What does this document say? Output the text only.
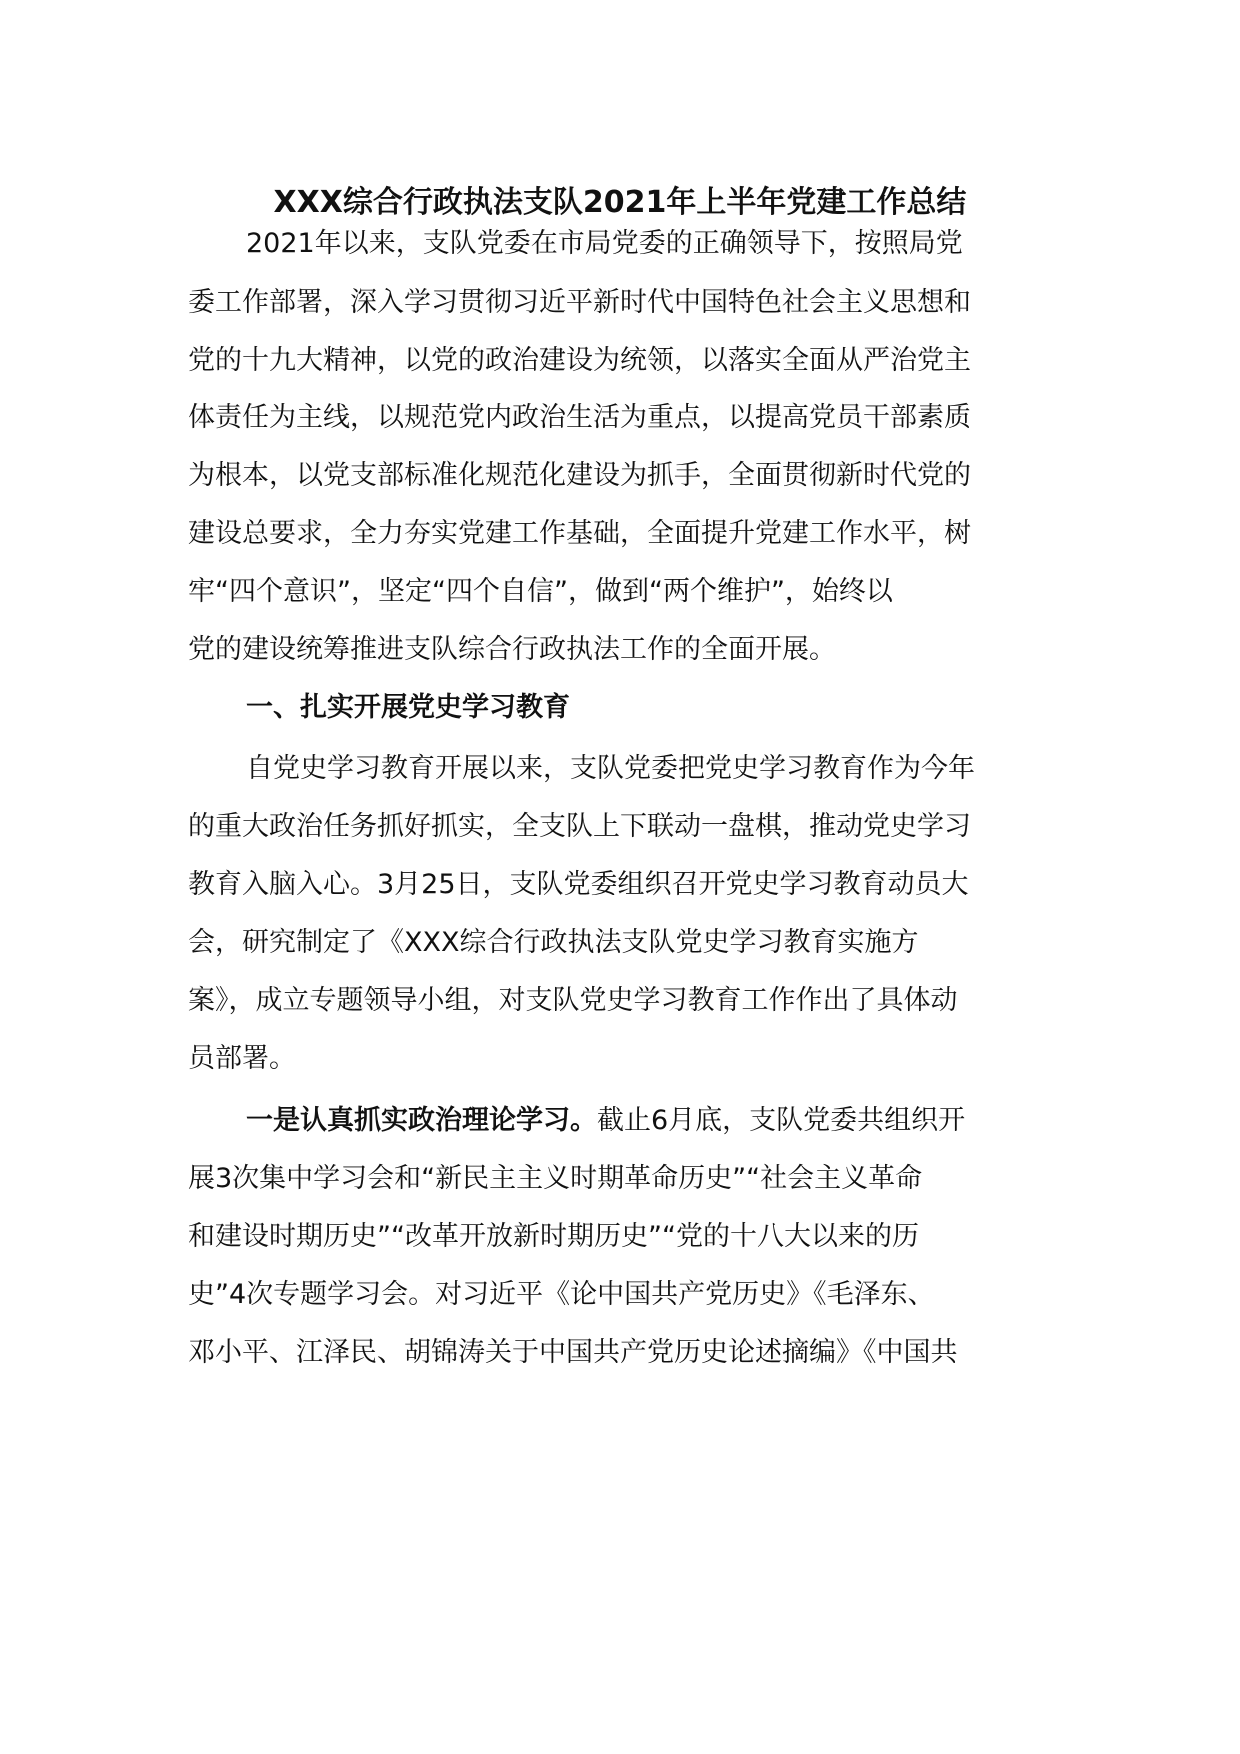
XXX综合行政执法支队2021年上半年党建工作总结

2021年以来，支队党委在市局党委的正确领导下，按照局党

委工作部署，深入学习贯彻习近平新时代中国特色社会主义思想和

党的十九大精神，以党的政治建设为统领，以落实全面从严治党主

体责任为主线，以规范党内政治生活为重点，以提高党员干部素质

为根本，以党支部标准化规范化建设为抓手，全面贯彻新时代党的

建设总要求，全力夯实党建工作基础，全面提升党建工作水平，树

牢“四个意识”，坚定“四个自信”，做到“两个维护”，始终以

党的建设统筹推进支队综合行政执法工作的全面开展。

一、扎实开展党史学习教育

自党史学习教育开展以来，支队党委把党史学习教育作为今年

的重大政治任务抓好抓实，全支队上下联动一盘棋，推动党史学习

教育入脑入心。3月25日，支队党委组织召开党史学习教育动员大

会，研究制定了《XXX综合行政执法支队党史学习教育实施方

案》，成立专题领导小组，对支队党史学习教育工作作出了具体动

员部署。

一是认真抓实政治理论学习。截止6月底，支队党委共组织开

展3次集中学习会和“新民主主义时期革命历史”“社会主义革命

和建设时期历史”“改革开放新时期历史”“党的十八大以来的历

史”4次专题学习会。对习近平《论中国共产党历史》《毛泽东、

邓小平、江泽民、胡锦涛关于中国共产党历史论述摘编》《中国共
